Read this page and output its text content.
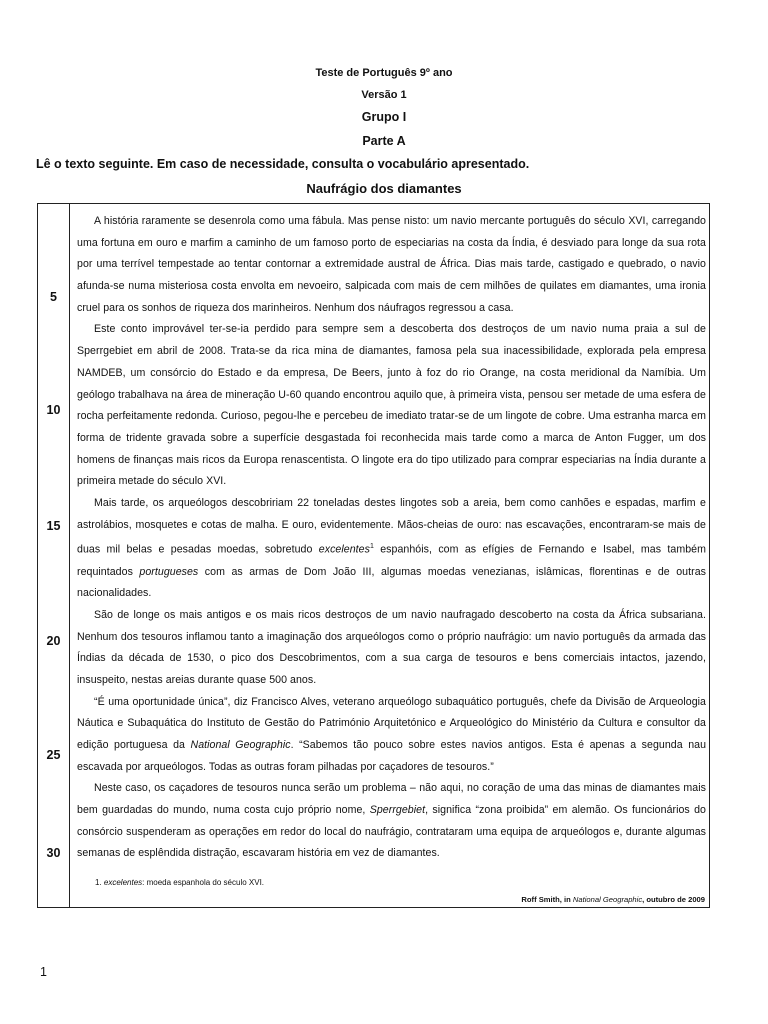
Teste de Português 9º ano
Versão 1
Grupo I
Parte A
Lê o texto seguinte. Em caso de necessidade, consulta o vocabulário apresentado.
Naufrágio dos diamantes
5
10
15
20
25
30

A história raramente se desenrola como uma fábula. Mas pense nisto: um navio mercante português do século XVI, carregando uma fortuna em ouro e marfim a caminho de um famoso porto de especiarias na costa da Índia, é desviado para longe da sua rota por uma terrível tempestade ao tentar contornar a extremidade austral de África. Dias mais tarde, castigado e quebrado, o navio afunda-se numa misteriosa costa envolta em nevoeiro, salpicada com mais de cem milhões de quilates em diamantes, uma ironia cruel para os sonhos de riqueza dos marinheiros. Nenhum dos náufragos regressou a casa.

Este conto improvável ter-se-ia perdido para sempre sem a descoberta dos destroços de um navio numa praia a sul de Sperrgebiet em abril de 2008. Trata-se da rica mina de diamantes, famosa pela sua inacessibilidade, explorada pela empresa NAMDEB, um consórcio do Estado e da empresa, De Beers, junto à foz do rio Orange, na costa meridional da Namíbia. Um geólogo trabalhava na área de mineração U-60 quando encontrou aquilo que, à primeira vista, pensou ser metade de uma esfera de rocha perfeitamente redonda. Curioso, pegou-lhe e percebeu de imediato tratar-se de um lingote de cobre. Uma estranha marca em forma de tridente gravada sobre a superfície desgastada foi reconhecida mais tarde como a marca de Anton Fugger, um dos homens de finanças mais ricos da Europa renascentista. O lingote era do tipo utilizado para comprar especiarias na Índia durante a primeira metade do século XVI.

Mais tarde, os arqueólogos descobririam 22 toneladas destes lingotes sob a areia, bem como canhões e espadas, marfim e astrolábios, mosquetes e cotas de malha. E ouro, evidentemente. Mãos-cheias de ouro: nas escavações, encontraram-se mais de duas mil belas e pesadas moedas, sobretudo excelentes$^1$ espanhóis, com as efígies de Fernando e Isabel, mas também requintados portugueses com as armas de Dom João III, algumas moedas venezianas, islâmicas, florentinas e de outras nacionalidades.

São de longe os mais antigos e os mais ricos destroços de um navio naufragado descoberto na costa da África subsariana. Nenhum dos tesouros inflamou tanto a imaginação dos arqueólogos como o próprio naufrágio: um navio português da armada das Índias da década de 1530, o pico dos Descobrimentos, com a sua carga de tesouros e bens comerciais intactos, jazendo, insuspeito, nestas areias durante quase 500 anos.

“É uma oportunidade única”, diz Francisco Alves, veterano arqueólogo subaquático português, chefe da Divisão de Arqueologia Náutica e Subaquática do Instituto de Gestão do Património Arquitetónico e Arqueológico do Ministério da Cultura e consultor da edição portuguesa da National Geographic. “Sabemos tão pouco sobre estes navios antigos. Esta é apenas a segunda nau escavada por arqueólogos. Todas as outras foram pilhadas por caçadores de tesouros.”

Neste caso, os caçadores de tesouros nunca serão um problema – não aqui, no coração de uma das minas de diamantes mais bem guardadas do mundo, numa costa cujo próprio nome, Sperrgebiet, significa “zona proibida” em alemão. Os funcionários do consórcio suspenderam as operações em redor do local do naufrágio, contrataram uma equipa de arqueólogos e, durante algumas semanas de esplêndida distração, escavaram história em vez de diamantes.

1. excelentes: moeda espanhola do século XVI.
Roff Smith, in National Geographic, outubro de 2009
1
